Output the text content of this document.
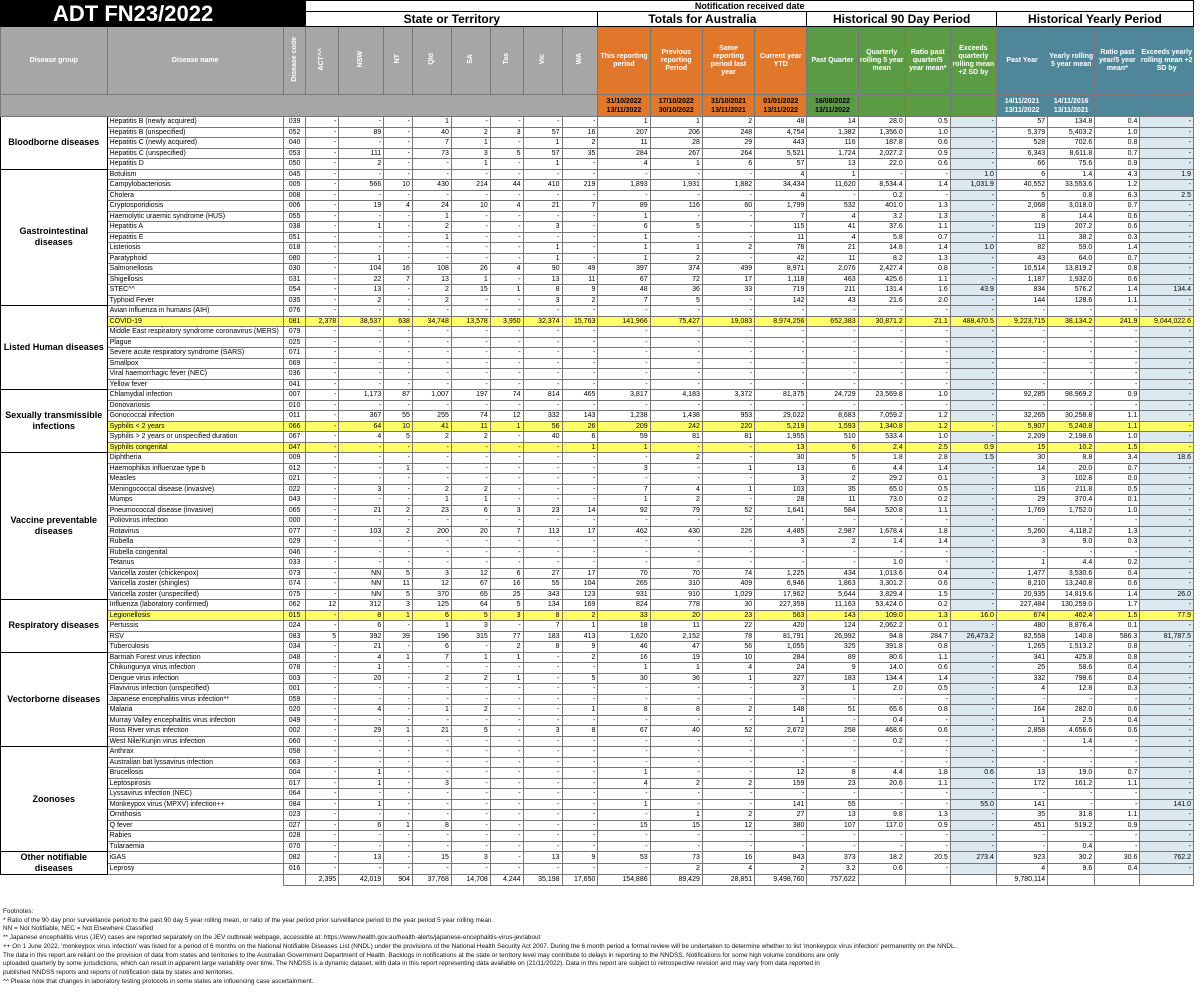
ADT FN23/2022			Notification received date																			
			State or Territory								Totals for Australia				Historical 90 Day Period				Historical Yearly Period			
Disease group	Disease name	Disease code	ACT^^	NSW	NT	Qld	SA	Tas	Vic	WA	This reporting period	Previous reporting Period	Same reporting period last year	Current year YTD	Past Quarter	Quarterly rolling 5 year mean	Ratio past quarter/5 year mean*	Exceeds quarterly rolling mean +2 SD by	Past Year	Yearly rolling 5 year mean	Ratio past year/5 year mean*	Exceeds yearly rolling mean +2 SD by
											31/10/2022 13/11/2022	17/10/2022 30/10/2022	31/10/2021 13/11/2021	01/01/2022 13/11/2022	16/08/2022 13/11/2022				14/11/2021 13/11/2022	14/11/2016 13/11/2021		
Bloodborne diseases	Hepatitis B (newly acquired)	039	-	-	-	1	-	-	-	-	1	1	2	48	14	28.0	0.5	-	57	134.8	0.4	-
	Hepatitis B (unspecified)	052	-	89	-	40	2	3	57	16	207	206	248	4,754	1,382	1,356.0	1.0	-	5,379	5,403.2	1.0	-
	Hepatitis C (newly acquired)	040	-	-	-	7	1	-	1	2	11	28	29	443	116	187.8	0.6	-	528	702.6	0.8	-
	Hepatitis C (unspecified)	053	-	111	-	73	3	5	57	35	284	267	264	5,521	1,724	2,027.2	0.9	-	6,343	8,611.8	0.7	-
	Hepatitis D	050	-	2	-	-	1	-	1	-	4	1	6	57	13	22.0	0.6	-	66	75.6	0.9	-
Gastrointestinal diseases	Botulism	045	-	-	-	-	-	-	-	-	-	-	-	4	1	-	-	1.0	6	1.4	4.3	1.9
	Campylobacteriosis	005	-	566	10	430	214	44	410	219	1,893	1,931	1,882	34,434	11,620	8,534.4	1.4	1,031.9	40,552	33,553.6	1.2	-
	Cholera	008	-	-	-	-	-	-	-	-	-	-	-	4	-	0.2	-	-	5	0.8	6.3	2.5
	Cryptosporidiosis	006	-	19	4	24	10	4	21	7	89	116	60	1,799	532	401.0	1.3	-	2,068	3,018.0	0.7	-
	Haemolytic uraemic syndrome (HUS)	055	-	-	-	1	-	-	-	-	1	-	-	7	4	3.2	1.3	-	8	14.4	0.6	-
	Hepatitis A	038	-	1	-	2	-	-	3	-	6	5	-	115	41	37.6	1.1	-	119	207.2	0.6	-
	Hepatitis E	051	-	-	-	1	-	-	-	-	1	-	-	11	4	5.8	0.7	-	11	38.2	0.3	-
	Listeriosis	018	-	-	-	-	-	-	1	-	1	1	2	78	21	14.8	1.4	1.0	82	59.0	1.4	-
	Paratyphoid	080	-	1	-	-	-	-	1	-	1	2	-	42	11	8.2	1.3	-	43	64.0	0.7	-
	Salmonellosis	030	-	104	16	108	26	4	90	49	397	374	499	8,971	2,076	2,427.4	0.8	-	10,514	13,819.2	0.8	-
	Shigellosis	031	-	22	7	13	1	-	13	11	67	72	17	1,118	463	425.6	1.1	-	1,187	1,932.0	0.6	-
	STEC^^	054	-	13	-	2	15	1	8	9	48	36	33	719	211	131.4	1.6	43.9	834	576.2	1.4	134.4
	Typhoid Fever	035	-	2	-	2	-	-	3	2	7	5	-	142	43	21.6	2.0	-	144	128.6	1.1	-
Listed Human diseases	Avian influenza in humans (AIH)	076	-	-	-	-	-	-	-	-	-	-	-	-	-	-	-	-	-	-	-	-
	COVID-19	081	2,378	38,537	638	34,748	13,578	3,950	32,374	15,763	141,966	75,427	19,083	8,974,256	652,383	30,871.2	21.1	488,470.5	9,223,715	38,134.2	241.9	9,044,022.6
	Middle East respiratory syndrome coronavirus (MERS)	079	-	-	-	-	-	-	-	-	-	-	-	-	-	-	-	-	-	-	-	-
	Plague	025	-	-	-	-	-	-	-	-	-	-	-	-	-	-	-	-	-	-	-	-
	Severe acute respiratory syndrome (SARS)	071	-	-	-	-	-	-	-	-	-	-	-	-	-	-	-	-	-	-	-	-
	Smallpox	069	-	-	-	-	-	-	-	-	-	-	-	-	-	-	-	-	-	-	-	-
	Viral haemorrhagic fever (NEC)	036	-	-	-	-	-	-	-	-	-	-	-	-	-	-	-	-	-	-	-	-
	Yellow fever	041	-	-	-	-	-	-	-	-	-	-	-	-	-	-	-	-	-	-	-	-
Sexually transmissible infections	Chlamydial infection	007	-	1,173	87	1,007	197	74	814	465	3,817	4,183	3,372	81,375	24,729	23,569.8	1.0	-	92,285	98,969.2	0.9	-
	Donovanosis	010	-	-	-	-	-	-	-	-	-	-	-	-	-	-	-	-	-	-	-	-
	Gonococcal infection	011	-	367	55	255	74	12	332	143	1,238	1,438	953	29,022	8,683	7,059.2	1.2	-	32,265	30,258.8	1.1	-
	Syphilis < 2 years	066	-	64	10	41	11	1	56	26	209	242	220	5,219	1,593	1,340.8	1.2	-	5,907	5,240.8	1.1	-
	Syphilis > 2 years or unspecified duration	067	-	4	5	2	2	-	40	6	59	81	81	1,955	510	533.4	1.0	-	2,209	2,198.6	1.0	-
	Syphilis congenital	047	-	-	-	-	-	-	-	1	1	-	-	13	6	2.4	2.5	0.9	15	10.2	1.5	-
Vaccine preventable diseases	Diphtheria	009	-	-	-	-	-	-	-	-	-	2	-	30	5	1.8	2.8	1.5	30	8.8	3.4	18.6
	Haemophilus influenzae type b	012	-	-	1	-	-	-	-	-	3	-	1	13	6	4.4	1.4	-	14	20.0	0.7	-
	Measles	021	-	-	-	-	-	-	-	-	-	-	-	3	2	29.2	0.1	-	3	102.8	0.0	-
	Meningococcal disease (invasive)	022	-	3	-	2	2	-	-	-	7	4	1	103	35	65.0	0.5	-	116	211.8	0.5	-
	Mumps	043	-	-	-	1	1	-	-	-	1	2	-	28	11	73.0	0.2	-	29	370.4	0.1	-
	Pneumococcal disease (invasive)	065	-	21	2	23	6	3	23	14	92	79	52	1,641	584	520.8	1.1	-	1,769	1,752.0	1.0	-
	Poliovirus infection	000	-	-	-	-	-	-	-	-	-	-	-	-	-	-	-	-	-	-	-	-
	Rotavirus	077	-	103	2	200	20	7	113	17	462	430	226	4,485	2,987	1,678.4	1.8	-	5,260	4,118.2	1.3	-
	Rubella	029	-	-	-	-	-	-	-	-	-	-	-	3	2	1.4	1.4	-	3	9.0	0.3	-
	Rubella congenital	046	-	-	-	-	-	-	-	-	-	-	-	-	-	-	-	-	-	-	-	-
	Tetanus	033	-	-	-	-	-	-	-	-	-	-	-	-	-	1.0	-	-	1	4.4	0.2	-
	Varicella zoster (chickenpox)	073	-	NN	5	3	12	6	27	17	70	70	74	1,225	434	1,013.6	0.4	-	1,477	3,530.6	0.4	-
	Varicella zoster (shingles)	074	-	NN	11	12	67	16	55	104	265	310	409	6,946	1,863	3,301.2	0.6	-	8,210	13,240.8	0.6	-
	Varicella zoster (unspecified)	075	-	NN	5	370	65	25	343	123	931	910	1,029	17,962	5,644	3,829.4	1.5	-	20,935	14,819.6	1.4	26.0
Respiratory diseases	Influenza (laboratory confirmed)	062	12	312	3	125	64	5	134	169	824	778	30	227,359	11,163	53,424.0	0.2	-	227,484	130,259.0	1.7	-
	Legionellosis	015	-	8	1	6	5	3	8	2	33	20	23	563	143	109.0	1.3	16.0	674	462.4	1.5	77.9
	Pertussis	024	-	6	-	1	3	-	7	1	18	11	22	420	124	2,062.2	0.1	-	480	8,876.4	0.1	-
	RSV	083	5	392	39	196	315	77	183	413	1,620	2,152	78	81,791	26,992	94.8	284.7	26,473.2	82,558	140.8	586.3	81,787.5
	Tuberculosis	034	-	21	-	6	-	2	8	9	46	47	56	1,055	325	391.8	0.8	-	1,265	1,513.2	0.8	-
Vectorborne diseases	Barmah Forest virus infection	048	-	4	1	7	1	1	-	2	16	19	10	284	89	80.6	1.1	-	341	425.8	0.8	-
	Chikungunya virus infection	078	-	1	-	-	-	-	-	-	1	1	4	24	9	14.0	0.6	-	25	58.6	0.4	-
	Dengue virus infection	003	-	20	-	2	2	1	-	5	30	36	1	327	183	134.4	1.4	-	332	798.6	0.4	-
	Flavivirus infection (unspecified)	001	-	-	-	-	-	-	-	-	-	-	-	3	1	2.0	0.5	-	4	12.8	0.3	-
	Japanese encephalitis virus infection**	059	-	-	-	-	-	-	-	-	-	-	-	-	-	-	-	-	-	-	-	-
	Malaria	020	-	4	-	1	2	-	-	1	8	8	2	148	51	65.6	0.8	-	164	282.0	0.6	-
	Murray Valley encephalitis virus infection	049	-	-	-	-	-	-	-	-	-	-	-	1	-	0.4	-	-	1	2.5	0.4	-
	Ross River virus infection	002	-	29	1	21	5	-	3	8	67	40	52	2,672	258	468.6	0.6	-	2,858	4,656.6	0.6	-
	West Nile/Kunjin virus infection	060	-	-	-	-	-	-	-	-	-	-	-	-	-	0.2	-	-	-	1.4	-	-
Zoonoses	Anthrax	058	-	-	-	-	-	-	-	-	-	-	-	-	-	-	-	-	-	-	-	-
	Australian bat lyssavirus infection	063	-	-	-	-	-	-	-	-	-	-	-	-	-	-	-	-	-	-	-	-
	Brucellosis	004	-	1	-	-	-	-	-	-	1	-	-	12	8	4.4	1.8	0.6	13	19.0	0.7	-
	Leptospirosis	017	-	1	-	3	-	-	-	-	4	2	2	159	23	20.6	1.1	-	172	161.2	1.1	-
	Lyssavirus infection (NEC)	064	-	-	-	-	-	-	-	-	-	-	-	-	-	-	-	-	-	-	-	-
	Monkeypox virus (MPXV) infection++	084	-	1	-	-	-	-	-	-	1	-	-	141	55	-	-	55.0	141	-	-	141.0
	Ornithosis	023	-	-	-	-	-	-	-	-	-	1	2	27	13	9.8	1.3	-	35	31.8	1.1	-
	Q fever	027	-	6	1	8	-	-	-	-	15	15	12	380	107	117.0	0.9	-	451	519.2	0.9	-
	Rabies	028	-	-	-	-	-	-	-	-	-	-	-	-	-	-	-	-	-	-	-	-
	Tularaemia	070	-	-	-	-	-	-	-	-	-	-	-	-	-	-	-	-	-	0.4	-	-
Other notifiable diseases	iGAS	082	-	13	-	15	3	-	13	9	53	73	16	843	373	18.2	20.5	273.4	923	30.2	30.6	762.2
	Leprosy	016	-	-	-	-	-	-	-	-	-	2	4	2	3.2	0.6	-		4	9.6	0.4	-
			2,395	42,019	904	37,768	14,708	4,244	35,198	17,650	154,886	89,429	28,851	9,498,760	757,622				9,780,114			
Footnotes:
* Ratio of the 90 day prior surveillance period to the past 90 day 5 year rolling mean, or ratio of the year period prior surveillance period to the year period 5 year rolling mean.
NN = Not Notifiable, NEC = Not Elsewhere Classified
** Japanese encephalitis virus (JEV) cases are reported separately on the JEV outbreak webpage, accessible at: https://www.health.gov.au/health-alerts/japanese-encephalitis-virus-jev/about
++ On 1 June 2022, 'monkeypox virus infection' was listed for a period of 6 months on the National Notifiable Diseases List (NNDL) under the provisions of the National Health Security Act 2007. During the 6 month period a formal review will be undertaken to determine whether to list 'monkeypox virus infection' permanently on the NNDL.
The data in this report are reliant on the provision of data from states and territories to the Australian Government Department of Health. Backlogs in notifications at the state or territory level may contribute to delays in reporting to the NNDSS. Notifications for some high volume conditions are only
uploaded quarterly by some jurisdictions, which can result in apparent large variability over time. The NNDSS is a dynamic dataset, with data in this report representing data available on (21/11/2022). Data in this report are subject to retrospective revision and may vary from data reported in
published NNDSS reports and reports of notification data by states and territories.
^^ Please note that changes in laboratory testing protocols in some states are influencing case ascertainment.
